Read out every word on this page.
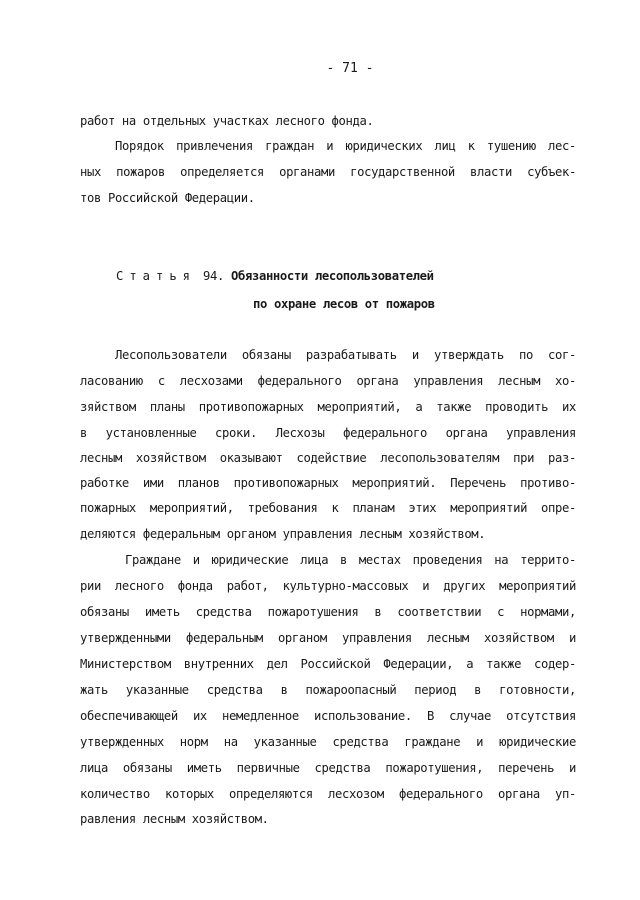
- 71 -
работ на отдельных участках лесного фонда.
Порядок привлечения граждан и юридических лиц к тушению лес-
ных пожаров определяется органами государственной власти субъек-
тов Российской Федерации.
Статья 94. Обязанности лесопользователей
по охране лесов от пожаров
Лесопользователи обязаны разрабатывать и утверждать по сог-
ласованию с лесхозами федерального органа управления лесным хо-
зяйством планы противопожарных мероприятий, а также проводить их
в установленные сроки. Лесхозы федерального органа управления
лесным хозяйством оказывают содействие лесопользователям при раз-
работке ими планов противопожарных мероприятий. Перечень противо-
пожарных мероприятий, требования к планам этих мероприятий опре-
деляются федеральным органом управления лесным хозяйством.
Граждане и юридические лица в местах проведения на террито-
рии лесного фонда работ, культурно-массовых и других мероприятий
обязаны иметь средства пожаротушения в соответствии с нормами,
утвержденными федеральным органом управления лесным хозяйством и
Министерством внутренних дел Российской Федерации, а также содер-
жать указанные средства в пожароопасный период в готовности,
обеспечивающей их немедленное использование. В случае отсутствия
утвержденных норм на указанные средства граждане и юридические
лица обязаны иметь первичные средства пожаротушения, перечень и
количество которых определяются лесхозом федерального органа уп-
равления лесным хозяйством.
